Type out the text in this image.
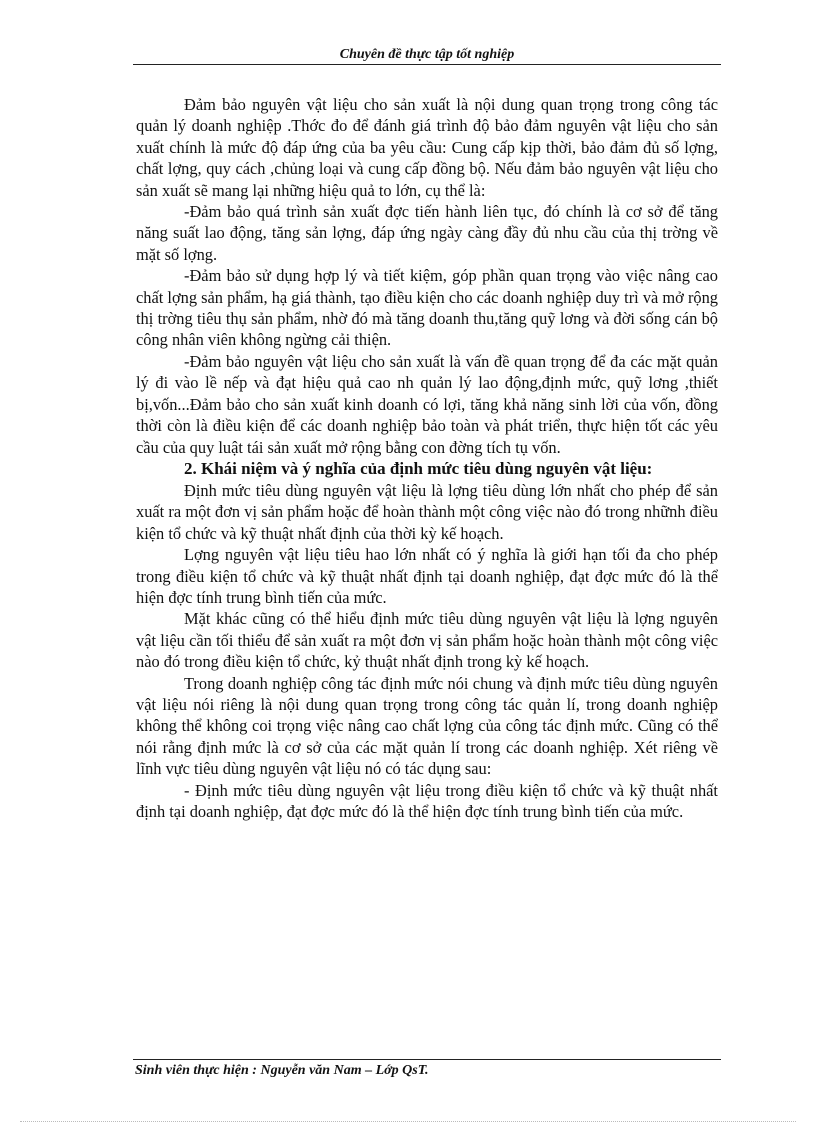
Chuyên đề thực tập tốt nghiệp

Đảm bảo nguyên vật liệu cho sản xuất là nội dung quan trọng trong công tác quản lý doanh nghiệp .Thớc đo để đánh giá trình độ bảo đảm nguyên vật liệu cho sản xuất chính là mức độ đáp ứng của ba yêu cầu: Cung cấp kịp thời, bảo đảm đủ số lợng, chất lợng, quy cách ,chủng loại và cung cấp đồng bộ. Nếu đảm bảo nguyên vật liệu cho sản xuất sẽ mang lại những hiệu quả to lớn, cụ thể là:

-Đảm bảo quá trình sản xuất đợc tiến hành liên tục, đó chính là cơ sở để tăng năng suất lao động, tăng sản lợng, đáp ứng ngày càng đầy đủ nhu cầu của thị trờng về mặt số lợng.

-Đảm bảo sử dụng hợp lý và tiết kiệm, góp phần quan trọng vào việc nâng cao chất lợng sản phẩm, hạ giá thành, tạo điều kiện cho các doanh nghiệp duy trì và mở rộng thị trờng tiêu thụ sản phẩm, nhờ đó mà tăng doanh thu,tăng quỹ lơng và đời sống cán bộ công nhân viên không ngừng cải thiện.

-Đảm bảo nguyên vật liệu cho sản xuất là vấn đề quan trọng để đa các mặt quản lý đi vào lề nếp và đạt hiệu quả cao nh quản lý lao động,định mức, quỹ lơng ,thiết bị,vốn...Đảm bảo cho sản xuất kinh doanh có lợi, tăng khả năng sinh lời của vốn, đồng thời còn là điều kiện để các doanh nghiệp bảo toàn và phát triển, thực hiện tốt các yêu cầu của quy luật tái sản xuất mở rộng bằng con đờng tích tụ vốn.

2. Khái niệm và ý nghĩa của định mức tiêu dùng nguyên vật liệu:

Định mức tiêu dùng nguyên vật liệu là lợng tiêu dùng lớn nhất cho phép để sản xuất ra một đơn vị sản phẩm hoặc để hoàn thành một công việc nào đó trong nhữnh điều kiện tổ chức và kỹ thuật nhất định của thời kỳ kế hoạch.

Lợng nguyên vật liệu tiêu hao lớn nhất có ý nghĩa là giới hạn tối đa cho phép trong điều kiện tổ chức và kỹ thuật nhất định tại doanh nghiệp, đạt đợc mức đó là thể hiện đợc tính trung bình tiến của mức.

Mặt khác cũng có thể hiểu định mức tiêu dùng nguyên vật liệu là lợng nguyên vật liệu cần tối thiểu để sản xuất ra một đơn vị sản phẩm hoặc hoàn thành một công việc nào đó trong điều kiện tổ chức, kỷ thuật nhất định trong kỳ kế hoạch.

Trong doanh nghiệp công tác định mức nói chung và định mức tiêu dùng nguyên vật liệu nói riêng là nội dung quan trọng trong công tác quản lí, trong doanh nghiệp không thể không coi trọng việc nâng cao chất lợng của công tác định mức. Cũng có thể nói rằng định mức là cơ sở của các mặt quản lí trong các doanh nghiệp. Xét riêng về lĩnh vực tiêu dùng nguyên vật liệu nó có tác dụng sau:

- Định mức tiêu dùng nguyên vật liệu trong điều kiện tổ chức và kỹ thuật nhất định tại doanh nghiệp, đạt đợc mức đó là thể hiện đợc tính trung bình tiến của mức.

Sinh viên thực hiện : Nguyễn văn Nam – Lớp QsT.
